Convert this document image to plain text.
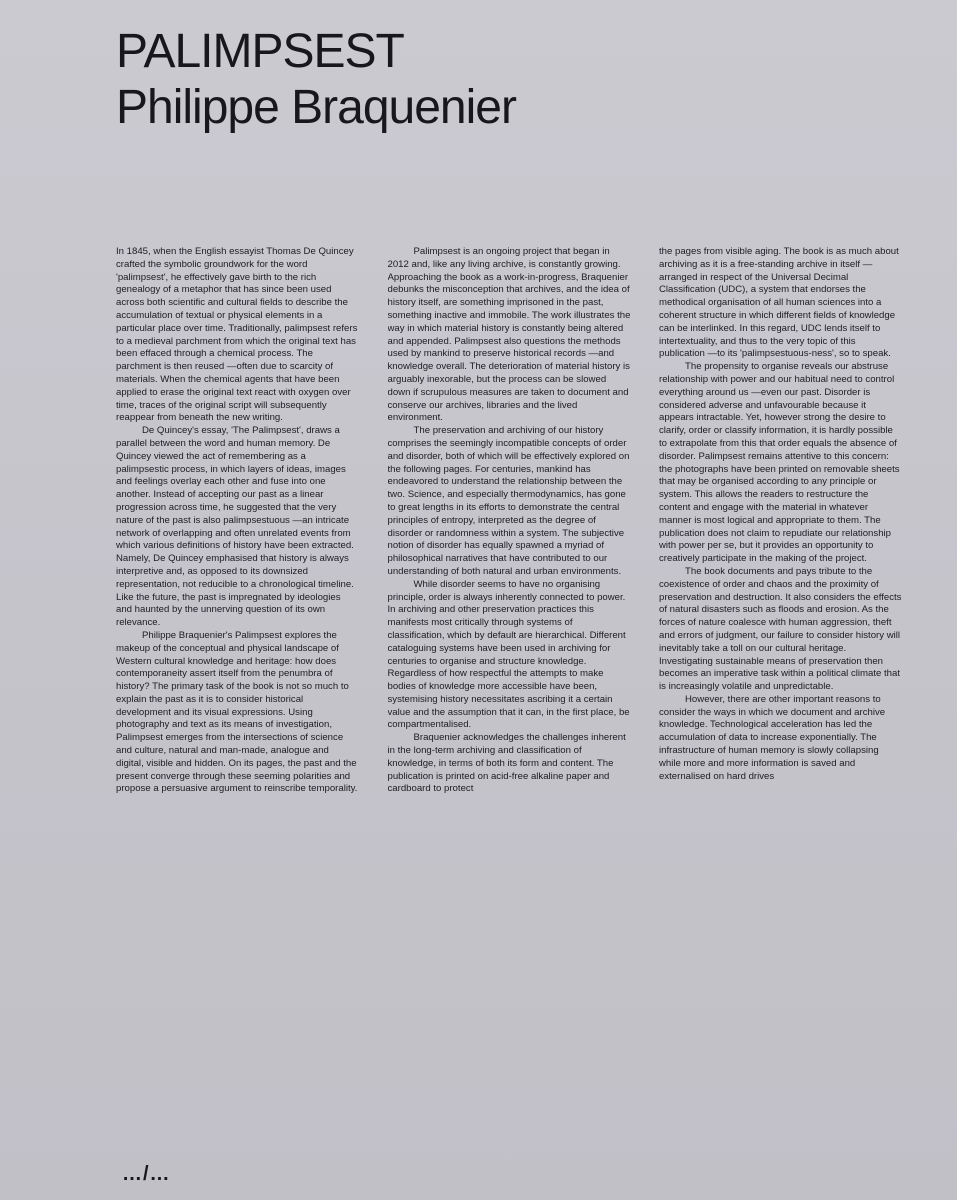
PALIMPSEST
Philippe Braquenier

In 1845, when the English essayist Thomas De Quincey crafted the symbolic groundwork for the word 'palimpsest', he effectively gave birth to the rich genealogy of a metaphor that has since been used across both scientific and cultural fields to describe the accumulation of textual or physical elements in a particular place over time. Traditionally, palimpsest refers to a medieval parchment from which the original text has been effaced through a chemical process. The parchment is then reused —often due to scarcity of materials. When the chemical agents that have been applied to erase the original text react with oxygen over time, traces of the original script will subsequently reappear from beneath the new writing.

De Quincey's essay, 'The Palimpsest', draws a parallel between the word and human memory. De Quincey viewed the act of remembering as a palimpsestic process, in which layers of ideas, images and feelings overlay each other and fuse into one another. Instead of accepting our past as a linear progression across time, he suggested that the very nature of the past is also palimpsestuous —an intricate network of overlapping and often unrelated events from which various definitions of history have been extracted. Namely, De Quincey emphasised that history is always interpretive and, as opposed to its downsized representation, not reducible to a chronological timeline. Like the future, the past is impregnated by ideologies and haunted by the unnerving question of its own relevance.

Philippe Braquenier's Palimpsest explores the makeup of the conceptual and physical landscape of Western cultural knowledge and heritage: how does contemporaneity assert itself from the penumbra of history? The primary task of the book is not so much to explain the past as it is to consider historical development and its visual expressions. Using photography and text as its means of investigation, Palimpsest emerges from the intersections of science and culture, natural and man-made, analogue and digital, visible and hidden. On its pages, the past and the present converge through these seeming polarities and propose a persuasive argument to reinscribe temporality.

Palimpsest is an ongoing project that began in 2012 and, like any living archive, is constantly growing. Approaching the book as a work-in-progress, Braquenier debunks the misconception that archives, and the idea of history itself, are something imprisoned in the past, something inactive and immobile. The work illustrates the way in which material history is constantly being altered and appended. Palimpsest also questions the methods used by mankind to preserve historical records —and knowledge overall. The deterioration of material history is arguably inexorable, but the process can be slowed down if scrupulous measures are taken to document and conserve our archives, libraries and the lived environment.

The preservation and archiving of our history comprises the seemingly incompatible concepts of order and disorder, both of which will be effectively explored on the following pages. For centuries, mankind has endeavored to understand the relationship between the two. Science, and especially thermodynamics, has gone to great lengths in its efforts to demonstrate the central principles of entropy, interpreted as the degree of disorder or randomness within a system. The subjective notion of disorder has equally spawned a myriad of philosophical narratives that have contributed to our understanding of both natural and urban environments.

While disorder seems to have no organising principle, order is always inherently connected to power. In archiving and other preservation practices this manifests most critically through systems of classification, which by default are hierarchical. Different cataloguing systems have been used in archiving for centuries to organise and structure knowledge. Regardless of how respectful the attempts to make bodies of knowledge more accessible have been, systemising history necessitates ascribing it a certain value and the assumption that it can, in the first place, be compartmentalised.

Braquenier acknowledges the challenges inherent in the long-term archiving and classification of knowledge, in terms of both its form and content. The publication is printed on acid-free alkaline paper and cardboard to protect

the pages from visible aging. The book is as much about archiving as it is a free-standing archive in itself —arranged in respect of the Universal Decimal Classification (UDC), a system that endorses the methodical organisation of all human sciences into a coherent structure in which different fields of knowledge can be interlinked. In this regard, UDC lends itself to intertextuality, and thus to the very topic of this publication —to its 'palimpsestuous-ness', so to speak.

The propensity to organise reveals our abstruse relationship with power and our habitual need to control everything around us —even our past. Disorder is considered adverse and unfavourable because it appears intractable. Yet, however strong the desire to clarify, order or classify information, it is hardly possible to extrapolate from this that order equals the absence of disorder. Palimpsest remains attentive to this concern: the photographs have been printed on removable sheets that may be organised according to any principle or system. This allows the readers to restructure the content and engage with the material in whatever manner is most logical and appropriate to them. The publication does not claim to repudiate our relationship with power per se, but it provides an opportunity to creatively participate in the making of the project.

The book documents and pays tribute to the coexistence of order and chaos and the proximity of preservation and destruction. It also considers the effects of natural disasters such as floods and erosion. As the forces of nature coalesce with human aggression, theft and errors of judgment, our failure to consider history will inevitably take a toll on our cultural heritage. Investigating sustainable means of preservation then becomes an imperative task within a political climate that is increasingly volatile and unpredictable.

However, there are other important reasons to consider the ways in which we document and archive knowledge. Technological acceleration has led the accumulation of data to increase exponentially. The infrastructure of human memory is slowly collapsing while more and more information is saved and externalised on hard drives

…/…
